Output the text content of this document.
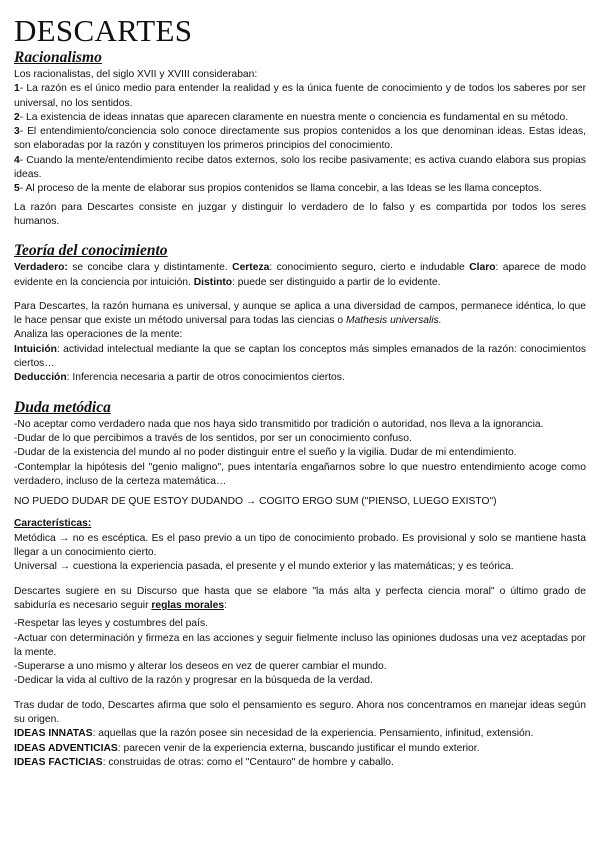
DESCARTES
Racionalismo

Los racionalistas, del siglo XVII y XVIII consideraban:

1- La razón es el único medio para entender la realidad y es la única fuente de conocimiento y de todos los saberes por ser universal, no los sentidos.

2- La existencia de ideas innatas que aparecen claramente en nuestra mente o conciencia es fundamental en su método.

3- El entendimiento/conciencia solo conoce directamente sus propios contenidos a los que denominan ideas. Estas ideas, son elaboradas por la razón y constituyen los primeros principios del conocimiento.

4- Cuando la mente/entendimiento recibe datos externos, solo los recibe pasivamente; es activa cuando elabora sus propias ideas.

5- Al proceso de la mente de elaborar sus propios contenidos se llama concebir, a las Ideas se les llama conceptos.

La razón para Descartes consiste en juzgar y distinguir lo verdadero de lo falso y es compartida por todos los seres humanos.

Teoría del conocimiento

Verdadero: se concibe clara y distintamente. Certeza: conocimiento seguro, cierto e indudable Claro: aparece de modo evidente en la conciencia por intuición. Distinto: puede ser distinguido a partir de lo evidente.

Para Descartes, la razón humana es universal, y aunque se aplica a una diversidad de campos, permanece idéntica, lo que le hace pensar que existe un método universal para todas las ciencias o Mathesis universalis.

Analiza las operaciones de la mente:

Intuición: actividad intelectual mediante la que se captan los conceptos más simples emanados de la razón: conocimientos ciertos…

Deducción: Inferencia necesaria a partir de otros conocimientos ciertos.

Duda metódica

-No aceptar como verdadero nada que nos haya sido transmitido por tradición o autoridad, nos lleva a la ignorancia.

-Dudar de lo que percibimos a través de los sentidos, por ser un conocimiento confuso.

-Dudar de la existencia del mundo al no poder distinguir entre el sueño y la vigilia. Dudar de mi entendimiento.

-Contemplar la hipótesis del "genio maligno", pues intentaría engañarnos sobre lo que nuestro entendimiento acoge como verdadero, incluso de la certeza matemática…

NO PUEDO DUDAR DE QUE ESTOY DUDANDO → COGITO ERGO SUM ("PIENSO, LUEGO EXISTO")

Características:

Metódica → no es escéptica. Es el paso previo a un tipo de conocimiento probado. Es provisional y solo se mantiene hasta llegar a un conocimiento cierto.

Universal → cuestiona la experiencia pasada, el presente y el mundo exterior y las matemáticas; y es teórica.

Descartes sugiere en su Discurso que hasta que se elabore "la más alta y perfecta ciencia moral" o último grado de sabiduría es necesario seguir reglas morales:

-Respetar las leyes y costumbres del país.

-Actuar con determinación y firmeza en las acciones y seguir fielmente incluso las opiniones dudosas una vez aceptadas por la mente.

-Superarse a uno mismo y alterar los deseos en vez de querer cambiar el mundo.

-Dedicar la vida al cultivo de la razón y progresar en la búsqueda de la verdad.

Tras dudar de todo, Descartes afirma que solo el pensamiento es seguro. Ahora nos concentramos en manejar ideas según su origen.

IDEAS INNATAS: aquellas que la razón posee sin necesidad de la experiencia. Pensamiento, infinitud, extensión.

IDEAS ADVENTICIAS: parecen venir de la experiencia externa, buscando justificar el mundo exterior.

IDEAS FACTICIAS: construidas de otras: como el "Centauro" de hombre y caballo.
